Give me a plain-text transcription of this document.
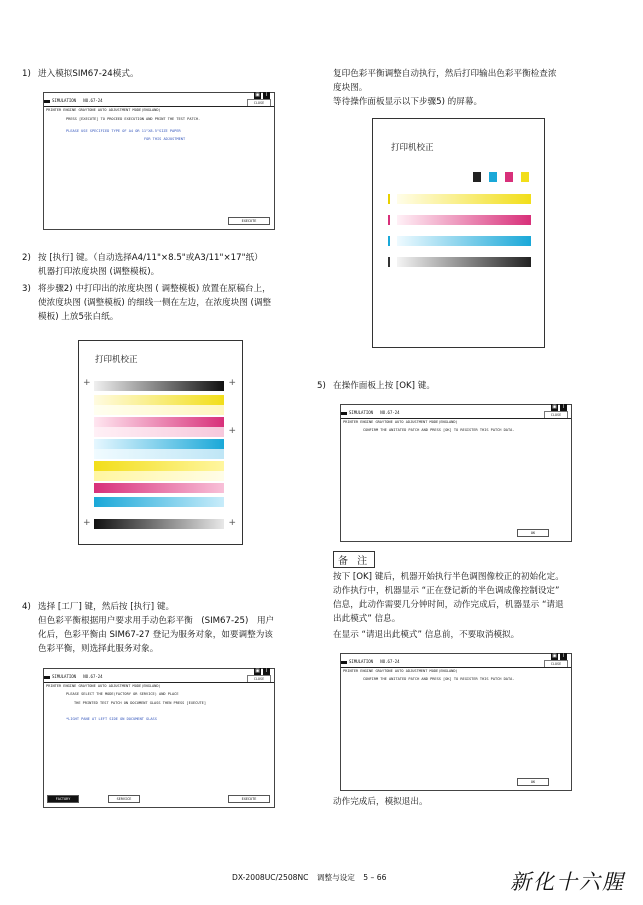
1) 进入模拟SIM67-24模式。
▣	i
SIMULATION   NO.67-24	CLOSE
PRINTER ENGINE GRAYTONE AUTO ADJUSTMENT MODE(ENGLAND)
PRESS [EXECUTE] TO PROCEED EXECUTION AND PRINT THE TEST PATCH.
PLEASE USE SPECIFIED TYPE OF A4 OR 11"X8.5"SIZE PAPER
FOR THIS ADJUSTMENT
EXECUTE
2) 按 [执行] 键。（自动选择A4/11"×8.5"或A3/11"×17"纸）
机器打印浓度块图 (调整模板)。
3) 将步骤2) 中打印出的浓度块图 ( 调整模板) 放置在原稿台上，
使浓度块图 (调整模板) 的细线一侧在左边，在浓度块图 (调整
模板) 上放5张白纸。
打印机校正
+	+
+
+	+
4) 选择 [工厂] 键，然后按 [执行] 键。
但色彩平衡根据用户要求用手动色彩平衡　(SIM67-25)　用户
化后，色彩平衡由 SIM67-27 登记为服务对象，如要调整为该
色彩平衡，则选择此服务对象。
▣	i
SIMULATION   NO.67-24	CLOSE
PRINTER ENGINE GRAYTONE AUTO ADJUSTMENT MODE(ENGLAND)
PLEASE SELECT THE MODE(FACTORY OR SERVICE) AND PLACE
THE PRINTED TEST PATCH ON DOCUMENT GLASS THEN PRESS [EXECUTE]
*LIGHT PANE AT LEFT SIDE ON DOCUMENT GLASS
FACTORY	SERVICE	EXECUTE
复印色彩平衡调整自动执行，然后打印输出色彩平衡检查浓
度块图。
等待操作面板显示以下步骤5) 的屏幕。
打印机校正
5) 在操作面板上按 [OK] 键。
▣	i
SIMULATION   NO.67-24	CLOSE
PRINTER ENGINE GRAYTONE AUTO ADJUSTMENT MODE(ENGLAND)
CONFIRM THE ANITATED PATCH AND PRESS [OK] TO REGISTER THIS PATCH DATA.
OK
备 注
按下 [OK] 键后，机器开始执行半色调图像校正的初始化定。
动作执行中，机器显示 “正在登记新的半色调成像控制设定”
信息，此动作需要几分钟时间，动作完成后，机器显示 “请退
出此模式” 信息。
在显示 “请退出此模式” 信息前，不要取消模拟。
▣	i
SIMULATION   NO.67-24	CLOSE
PRINTER ENGINE GRAYTONE AUTO ADJUSTMENT MODE(ENGLAND)
CONFIRM THE ANITATED PATCH AND PRESS [OK] TO REGISTER THIS PATCH DATA.
OK
动作完成后，模拟退出。
DX-2008UC/2508NC 调整与设定 5 – 66	新化十六腥
